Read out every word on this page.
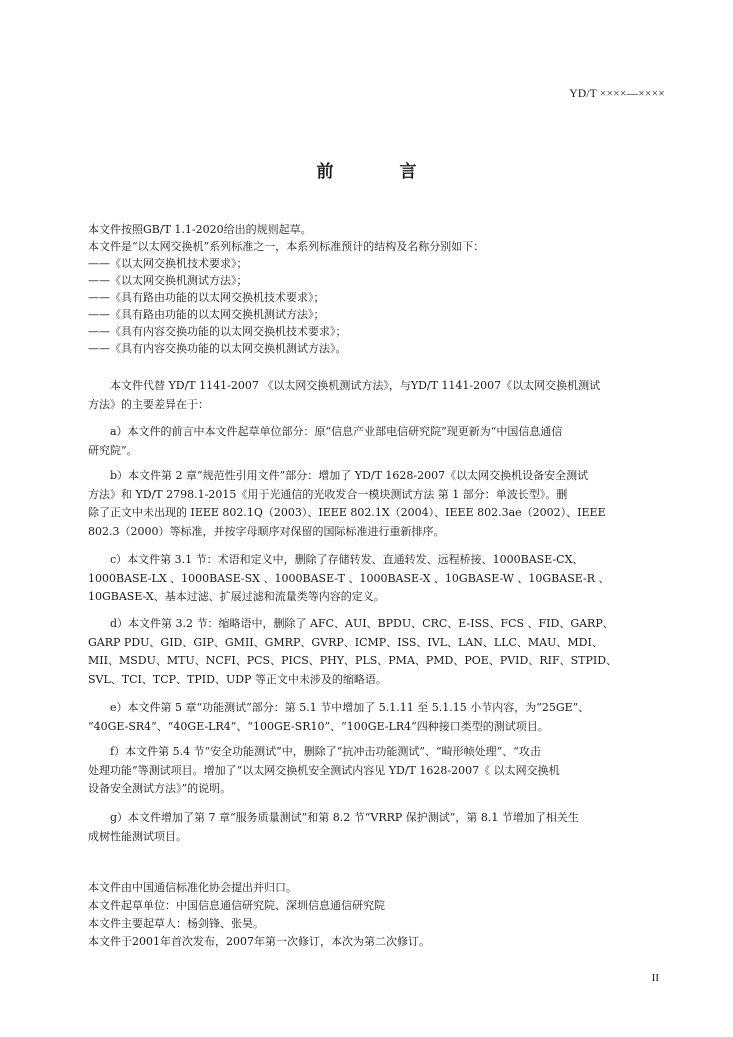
YD/T ××××—××××
前 言
本文件按照GB/T 1.1-2020给出的规则起草。
本文件是“以太网交换机”系列标准之一，本系列标准预计的结构及名称分别如下：
——《以太网交换机技术要求》；
——《以太网交换机测试方法》；
——《具有路由功能的以太网交换机技术要求》；
——《具有路由功能的以太网交换机测试方法》；
——《具有内容交换功能的以太网交换机技术要求》；
——《具有内容交换功能的以太网交换机测试方法》。
本文件代替 YD/T 1141-2007 《以太网交换机测试方法》，与YD/T 1141-2007《以太网交换机测试
方法》的主要差异在于：
a）本文件的前言中本文件起草单位部分：原“信息产业部电信研究院”现更新为“中国信息通信
研究院”。
b）本文件第 2 章“规范性引用文件”部分：增加了 YD/T 1628-2007《以太网交换机设备安全测试
方法》和 YD/T 2798.1-2015《用于光通信的光收发合一模块测试方法 第 1 部分：单波长型》。删
除了正文中未出现的 IEEE 802.1Q（2003）、IEEE 802.1X（2004）、IEEE 802.3ae（2002）、IEEE
802.3（2000）等标准，并按字母顺序对保留的国际标准进行重新排序。
c）本文件第 3.1 节：术语和定义中，删除了存储转发、直通转发、远程桥接、1000BASE-CX、
1000BASE-LX 、1000BASE-SX 、1000BASE-T 、1000BASE-X 、10GBASE-W 、10GBASE-R 、
10GBASE-X、基本过滤、扩展过滤和流量类等内容的定义。
d）本文件第 3.2 节：缩略语中，删除了 AFC、AUI、BPDU、CRC、E-ISS、FCS 、FID、GARP、
GARP PDU、GID、GIP、GMII、GMRP、GVRP、ICMP、ISS、IVL、LAN、LLC、MAU、MDI、
MII、MSDU、MTU、NCFI、PCS、PICS、PHY、PLS、PMA、PMD、POE、PVID、RIF、STPID、
SVL、TCI、TCP、TPID、UDP 等正文中未涉及的缩略语。
e）本文件第 5 章“功能测试”部分：第 5.1 节中增加了 5.1.11 至 5.1.15 小节内容，为“25GE”、
“40GE-SR4”、“40GE-LR4”、“100GE-SR10”、“100GE-LR4”四种接口类型的测试项目。
f）本文件第 5.4 节“安全功能测试”中，删除了“抗冲击功能测试”、“畸形帧处理”、“攻击
处理功能”等测试项目。增加了“以太网交换机安全测试内容见 YD/T 1628-2007《 以太网交换机
设备安全测试方法》”的说明。
g）本文件增加了第 7 章“服务质量测试”和第 8.2 节“VRRP 保护测试”，第 8.1 节增加了相关生
成树性能测试项目。
本文件由中国通信标准化协会提出并归口。
本文件起草单位：中国信息通信研究院、深圳信息通信研究院
本文件主要起草人：杨剑锋、张昊。
本文件于2001年首次发布，2007年第一次修订，本次为第二次修订。
II
